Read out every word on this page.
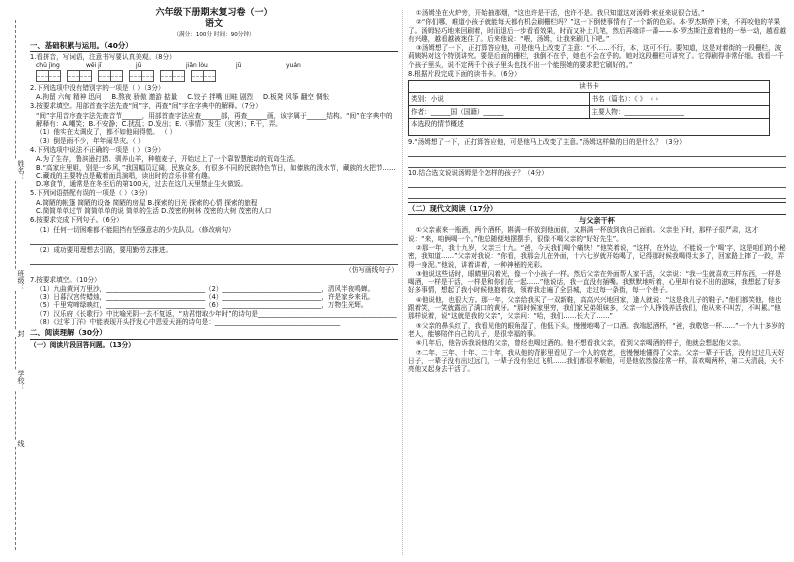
姓名：
班级：
封
学校：
线
六年级下册期末复习卷（一）
语文
（满分：100分 时间：90分钟）
一、基础积累与运用。（40分）
1.看拼音，写词语，注意书写要认真美观。（8分）
chū jìng	wēi jī	jū	jiǎn lòu	jū	yuán
2.下列选项中没有错别字的一项是（ ）（3分）
A.拘留 六甸 精神 迅问 B.熬夜 骄傲 邀游 掂量 C.饺子 拌嘴 田畦 剧烈 D.板凳 风筝 翻空 惆怅
3.按要求填空。用部首查字法先查“间”字，再查“间”字在字典中的解释。（7分）
“间”字用音序查字法先查音节______，用部首查字法应查______部，再查______画，该字属于______结构。“间”在字典中的解释有：A.嘲笑；B.不安静；C.扰乱；D.发出；E.（事情）发生（灾害）；F.干，弄。
（1）他实在太调皮了，都不如他闹得慌。 （ ）
（3）倒是雨不少，年年闹旱灾。（ ）
4.下列选项中说法不正确的一项是（ ）（3分）
A.为了生存，鲁滨逊打猎、驯养山羊，种植麦子，开始过上了一个靠智慧能动的荒岛生活。
B.“高家庄里姐，别是一乡风，”我国幅员辽阔，民族众多，有很多不同的民族特色节日，如傣族的泼水节，藏族的火把节……
C.藏戏的主要特点是戴着面具演唱，读出时的音乐非常有趣。
D.寒食节，通常是在冬至后的第100天，过去在这几天里禁止生火做饭。
5.下列词语搭配有误的一项是（ ）（3分）
A.简陋的帐篷 简陋的设备 简陋的房屋 B.探索的目光 探索的心情 探索的旅程
C.简简单单过节 简简单单的说 简单的生活 D.茂密的树林 茂密的大树 茂密的人口
6.按要求完成下列句子。（6分）
（1）任何一切困难都不能阻挡有坚强意志的少先队员。（修改病句）
（2）成功要用理想去引路，要用勤劳去推进。
（仿写画线句子）
7.按要求填空。（10分）
（1）九曲黄河万里沙，______________________________（2）______________________________，清风半夜鸣蝉。
（3）日暮汉宫传蜡烛，______________________________（4）______________________________，许是家乡来讯。
（5）千里莺啼绿映红，______________________________（6）______________________________，万物生光辉。
（7）汉乐府《长歌行》中比喻光阴一去不复返，“劝君惜取少年时”的诗句是__________________________________________
（8）《过零丁洋》中能表现开头抒发心中恩爱天涯的诗句是：______________________________________
二、阅读理解（30分）
（一）阅读片段回答问题。（13分）
①汤姆坐在火炉旁，开始抽那烟，“这也许是干活，也许不是。我只知道这对汤姆·索亚来说很合适。”
②“你们哪，难道小孩子就能每天都有机会刷栅栏吗？”这一下倒使事情有了一个新的色彩。本·罗杰斯停下来，不再咬他的苹果了。汤姆轻巧地来回刷着，时而退后一步看看效果，时而又补上几笔，然后再端详一番——本·罗杰斯注意着他的一举一动，越看越有兴趣，越看越被迷住了。后来他说：“喂，汤姆，让我来刷几下吧。”
③汤姆想了一下，正打算答应他，可是他马上改变了主意：“不……不行，本，这可不行。要知道，这是对着街的一段栅栏，波莉姨妈对这个特别讲究。要是后面的栅栏，我倒不在乎，她也不会在乎的。她对这段栅栏可讲究了。它得刷得非常仔细。我看一千个孩子里头，说不定两千个孩子里头也找不出一个能照她的要求把它刷好的。”
8.根据片段完成下面的读书卡。（6分）
读书卡
类别：小说	书名（篇名）：《 》 ‹ ›
作者：______国（国籍）______	主要人物：__________________
本选段的情节概述
9.“汤姆想了一下，正打算答应他，可是他马上改变了主意。”汤姆这样做的目的是什么？（3分）
10.结合选文说说汤姆是个怎样的孩子？（4分）
（二）现代文阅读（17分）
与父亲干杯
①父亲素来一瓶酒，两个酒杯，斟满一杯放到他面前，又斟满一杯放到我自己面前。父亲坐下时，那样子很严肃，这才说：“来，咱俩喝一个。”他总随便地摆摆手，很像不喝父亲的“好好先生”。
②那一年，我十九岁，父亲三十九。“爸，今天我们喝个痛快！”他笑着说，“这样，在外边，不能说一个‘喝’字，这是咱们的小秘密，我知道……”父亲对我说：“你看，我那会儿在外面，十六七岁就开始喝了，记得那时候我喝得太多了，回家路上摔了一跤，弄得一身泥。”他说，讲着讲着，一种神秘的光彩。
③他说这些话时，眼睛里闪着光，像一个小孩子一样。然后父亲在外面帮人家干活，父亲说：“我一生就喜欢三样东西，一样是喝酒，一样是干活，一样是和你们在一起……”他说话，我一直没有插嘴。我默默地听着，心里却有说不出的滋味，我想起了好多好多事情，想起了我小时候他抱着我，领着我走遍了全县城，走过每一条街，每一个巷子。
④他说他，也很大方。那一年，父亲给我买了一双新鞋，高高兴兴地回家，逢人就说：“这是我儿子的鞋子。”他们都笑他，他也跟着笑，一笑就露出了满口的黄牙。“那时候家里穷，我们家兄弟姐妹多，父亲一个人挣钱养活我们，他从来不叫苦，不叫累。”他那样说着，说“这就是我的父亲”，父亲问：“哈，我们……长大了……”
⑤父亲的鼻头红了，我看见他的眼角湿了，他低下头，慢慢地喝了一口酒。我端起酒杯，“爸，我敬您一杯……”一个九十多岁的老人，能够陪伴自己的儿子，是很幸福的事。
⑥几年后，他告诉我说他的父亲，曾经也喝过酒的。他不想看我父亲，看到父亲喝酒的样子，他就会想起他父亲。
⑦二年、三年、十年、二十年，我从他的背影里看见了一个人的衰老，也慢慢地懂得了父亲。父亲一辈子干活，没有过过几天好日子，一辈子没有出过远门，一辈子没有坐过飞机……我们都很孝顺他，可是他依然像往常一样，喜欢喝两杯，第二天清晨，天不亮他又起身去干活了。
